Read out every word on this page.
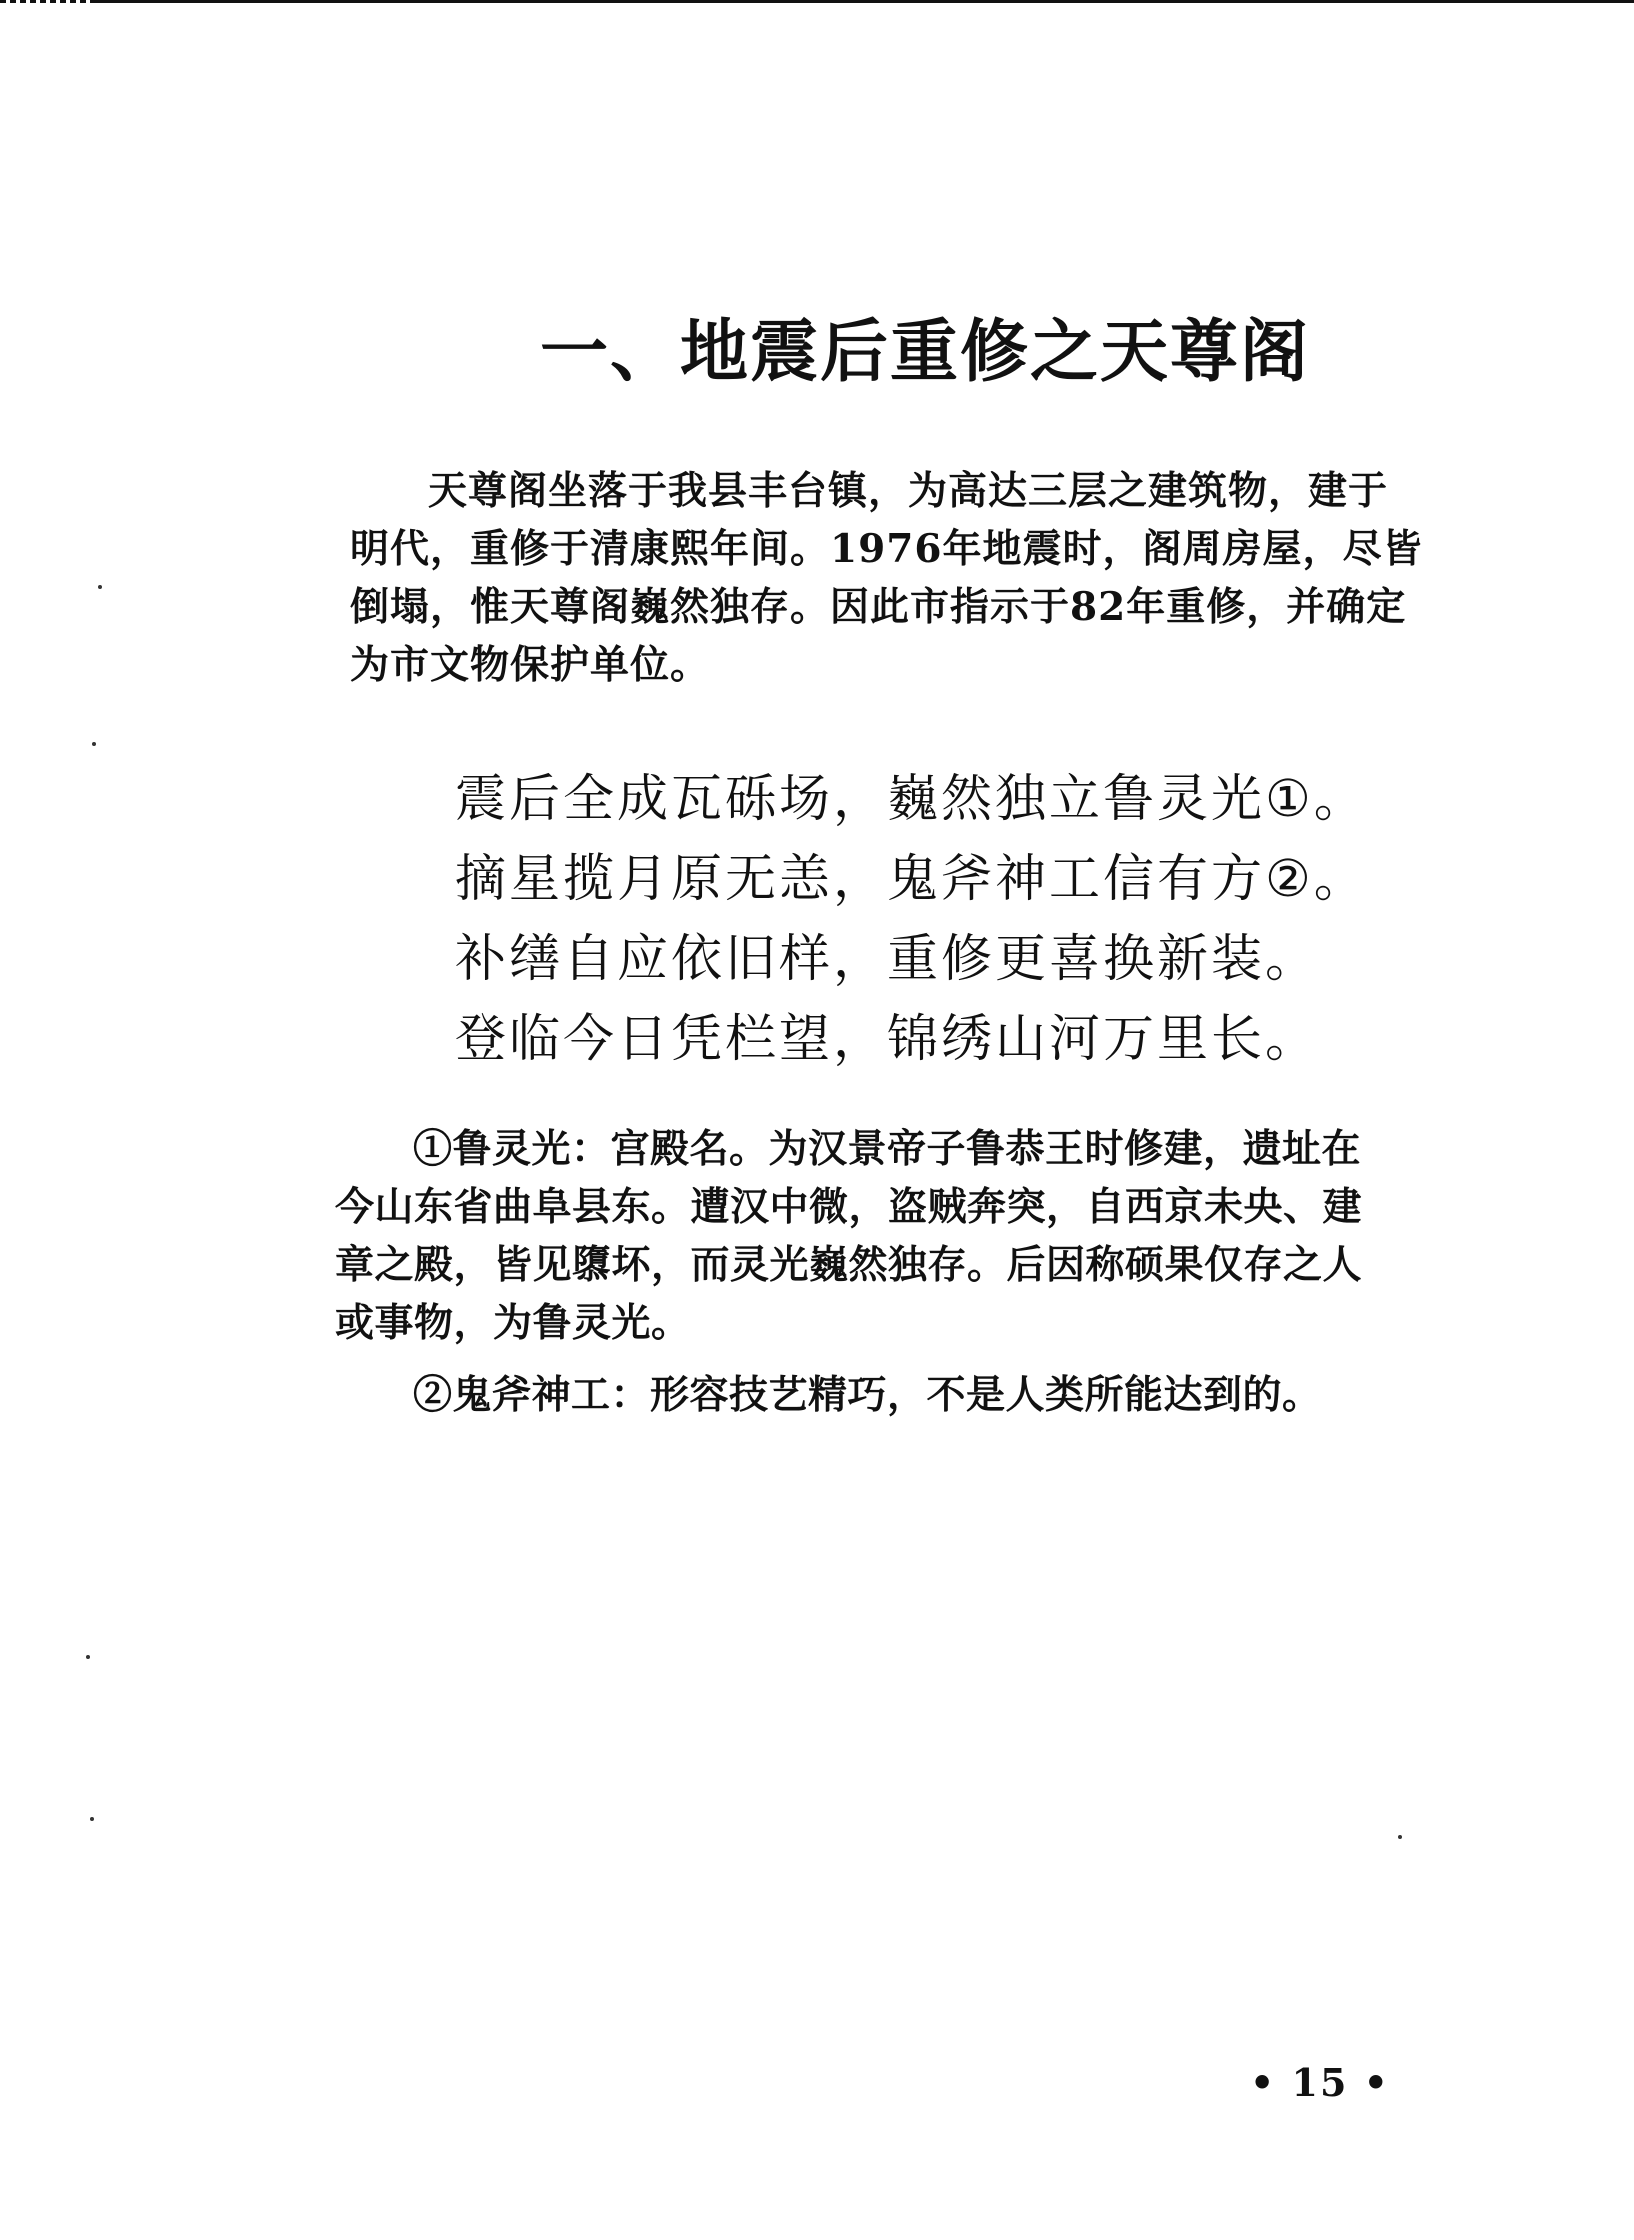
一、地震后重修之天尊阁
天尊阁坐落于我县丰台镇，为高达三层之建筑物，建于
明代，重修于清康熙年间。1976年地震时，阁周房屋，尽皆
倒塌，惟天尊阁巍然独存。因此市指示于82年重修，并确定
为市文物保护单位。
震后全成瓦砾场，巍然独立鲁灵光①。
摘星揽月原无恙，鬼斧神工信有方②。
补缮自应依旧样，重修更喜换新装。
登临今日凭栏望，锦绣山河万里长。
①鲁灵光：宫殿名。为汉景帝子鲁恭王时修建，遗址在
今山东省曲阜县东。遭汉中微，盗贼奔突，自西京未央、建
章之殿，皆见隳坏，而灵光巍然独存。后因称硕果仅存之人
或事物，为鲁灵光。
②鬼斧神工：形容技艺精巧，不是人类所能达到的。
• 15 •
